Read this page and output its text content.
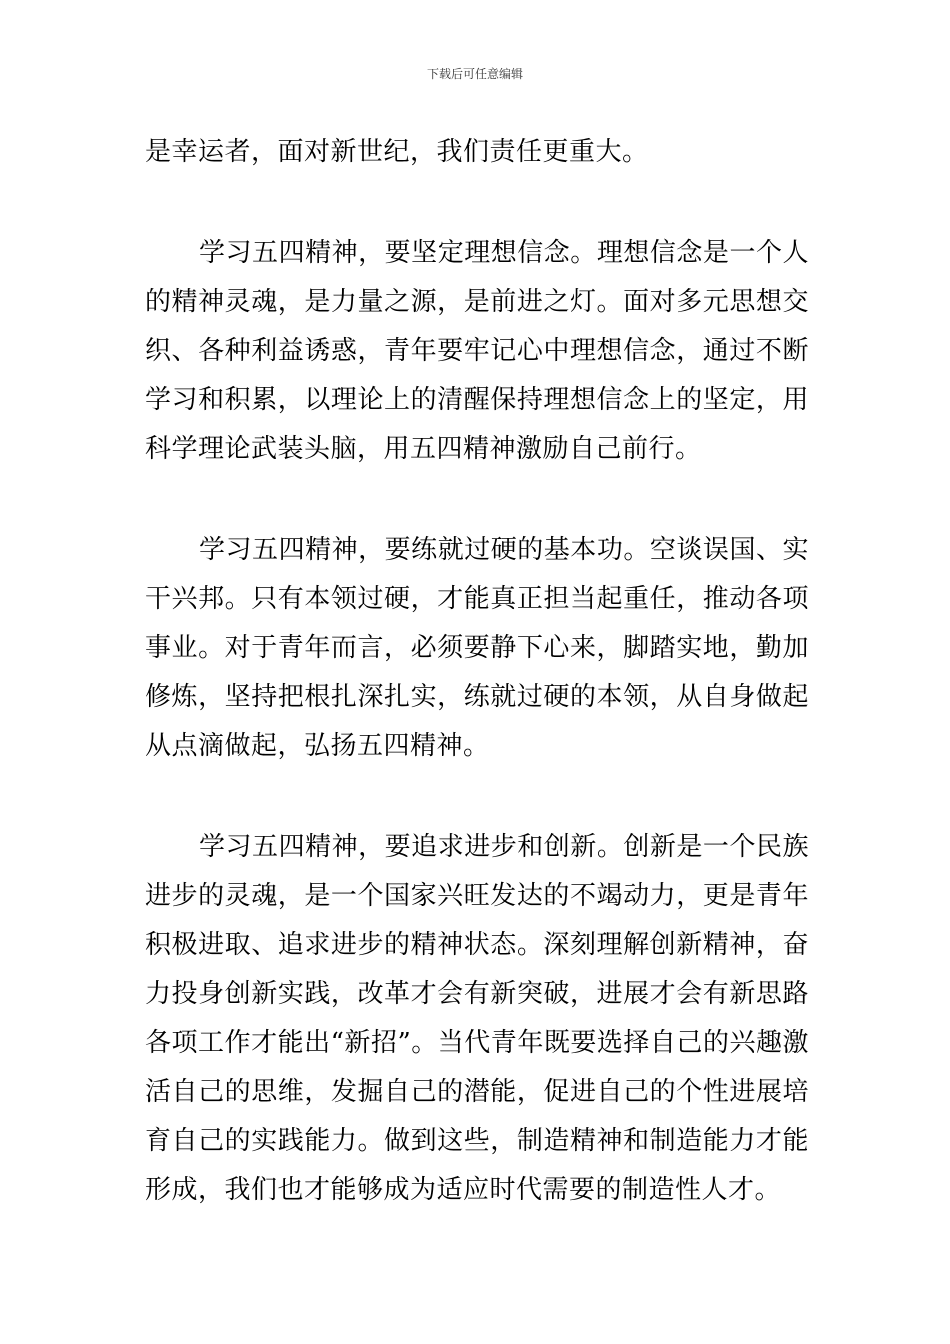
下载后可任意编辑

是幸运者，面对新世纪，我们责任更重大。

学习五四精神，要坚定理想信念。理想信念是一个人的精神灵魂，是力量之源，是前进之灯。面对多元思想交织、各种利益诱惑，青年要牢记心中理想信念，通过不断学习和积累，以理论上的清醒保持理想信念上的坚定，用科学理论武装头脑，用五四精神激励自己前行。

学习五四精神，要练就过硬的基本功。空谈误国、实干兴邦。只有本领过硬，才能真正担当起重任，推动各项事业。对于青年而言，必须要静下心来，脚踏实地，勤加修炼，坚持把根扎深扎实，练就过硬的本领，从自身做起从点滴做起，弘扬五四精神。

学习五四精神，要追求进步和创新。创新是一个民族进步的灵魂，是一个国家兴旺发达的不竭动力，更是青年积极进取、追求进步的精神状态。深刻理解创新精神，奋力投身创新实践，改革才会有新突破，进展才会有新思路各项工作才能出“新招”。当代青年既要选择自己的兴趣激活自己的思维，发掘自己的潜能，促进自己的个性进展培育自己的实践能力。做到这些，制造精神和制造能力才能形成，我们也才能够成为适应时代需要的制造性人才。
